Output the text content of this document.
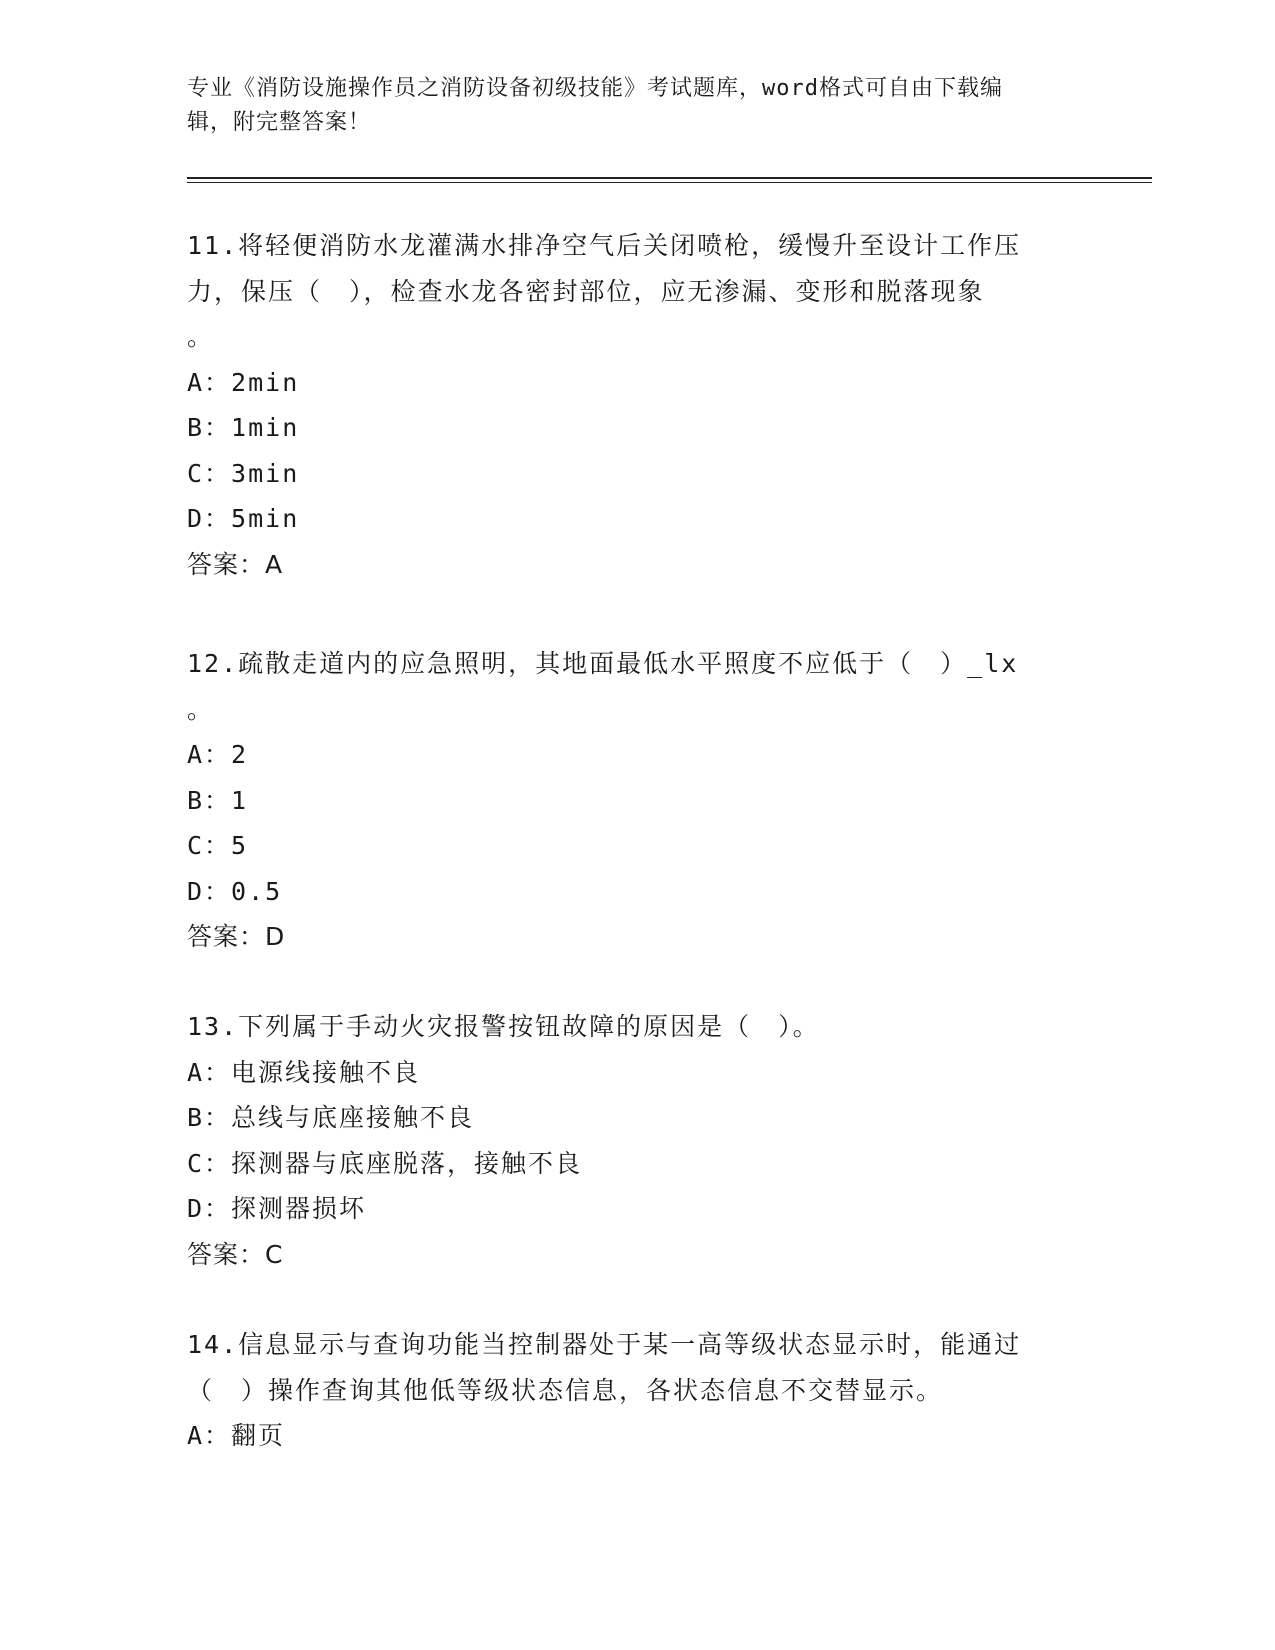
专业《消防设施操作员之消防设备初级技能》考试题库，word格式可自由下载编
辑，附完整答案！
11.将轻便消防水龙灌满水排净空气后关闭喷枪，缓慢升至设计工作压
力，保压（　），检查水龙各密封部位，应无渗漏、变形和脱落现象
。
A：2min
B：1min
C：3min
D：5min
答案：A
12.疏散走道内的应急照明，其地面最低水平照度不应低于（　）_lx
。
A：2
B：1
C：5
D：0.5
答案：D
13.下列属于手动火灾报警按钮故障的原因是（　）。
A：电源线接触不良
B：总线与底座接触不良
C：探测器与底座脱落，接触不良
D：探测器损坏
答案：C
14.信息显示与查询功能当控制器处于某一高等级状态显示时，能通过
（　）操作查询其他低等级状态信息，各状态信息不交替显示。
A：翻页
